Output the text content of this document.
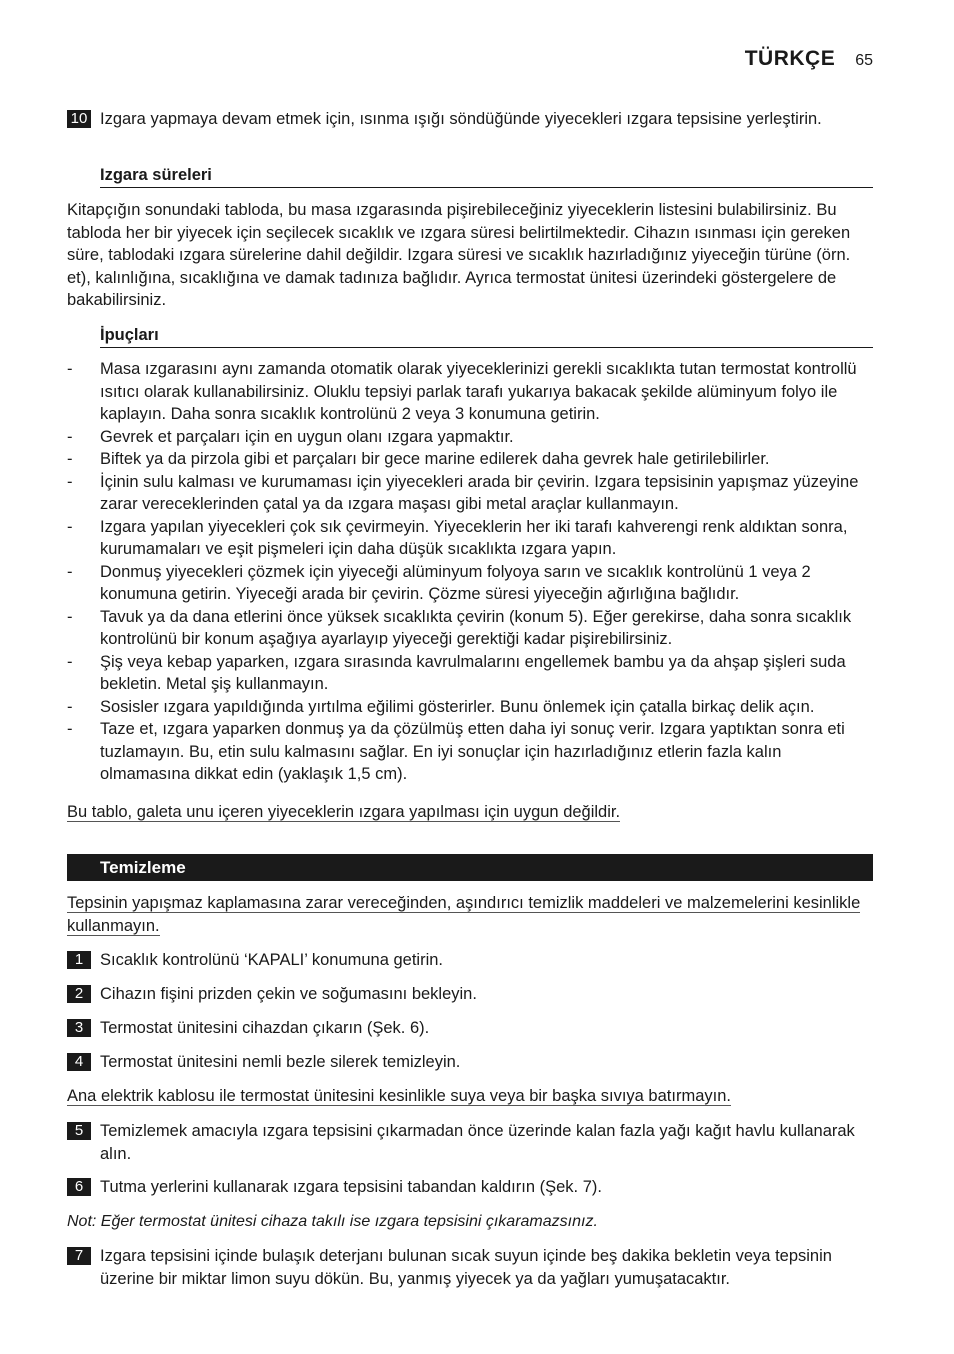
TÜRKÇE 65
10 Izgara yapmaya devam etmek için, ısınma ışığı söndüğünde yiyecekleri ızgara tepsisine yerleştirin.
Izgara süreleri
Kitapçığın sonundaki tabloda, bu masa ızgarasında pişirebileceğiniz yiyeceklerin listesini bulabilirsiniz. Bu tabloda her bir yiyecek için seçilecek sıcaklık ve ızgara süresi belirtilmektedir. Cihazın ısınması için gereken süre, tablodaki ızgara sürelerine dahil değildir. Izgara süresi ve sıcaklık hazırladığınız yiyeceğin türüne (örn. et), kalınlığına, sıcaklığına ve damak tadınıza bağlıdır. Ayrıca termostat ünitesi üzerindeki göstergelere de bakabilirsiniz.
İpuçları
- Masa ızgarasını aynı zamanda otomatik olarak yiyeceklerinizi gerekli sıcaklıkta tutan termostat kontrollü ısıtıcı olarak kullanabilirsiniz. Oluklu tepsiyi parlak tarafı yukarıya bakacak şekilde alüminyum folyo ile kaplayın. Daha sonra sıcaklık kontrolünü 2 veya 3 konumuna getirin.
- Gevrek et parçaları için en uygun olanı ızgara yapmaktır.
- Biftek ya da pirzola gibi et parçaları bir gece marine edilerek daha gevrek hale getirilebilirler.
- İçinin sulu kalması ve kurumaması için yiyecekleri arada bir çevirin. Izgara tepsisinin yapışmaz yüzeyine zarar vereceklerinden çatal ya da ızgara maşası gibi metal araçlar kullanmayın.
- Izgara yapılan yiyecekleri çok sık çevirmeyin. Yiyeceklerin her iki tarafı kahverengi renk aldıktan sonra, kurumamaları ve eşit pişmeleri için daha düşük sıcaklıkta ızgara yapın.
- Donmuş yiyecekleri çözmek için yiyeceği alüminyum folyoya sarın ve sıcaklık kontrolünü 1 veya 2 konumuna getirin. Yiyeceği arada bir çevirin. Çözme süresi yiyeceğin ağırlığına bağlıdır.
- Tavuk ya da dana etlerini önce yüksek sıcaklıkta çevirin (konum 5). Eğer gerekirse, daha sonra sıcaklık kontrolünü bir konum aşağıya ayarlayıp yiyeceği gerektiği kadar pişirebilirsiniz.
- Şiş veya kebap yaparken, ızgara sırasında kavrulmalarını engellemek bambu ya da ahşap şişleri suda bekletin. Metal şiş kullanmayın.
- Sosisler ızgara yapıldığında yırtılma eğilimi gösterirler. Bunu önlemek için çatalla birkaç delik açın.
- Taze et, ızgara yaparken donmuş ya da çözülmüş etten daha iyi sonuç verir. Izgara yaptıktan sonra eti tuzlamayın. Bu, etin sulu kalmasını sağlar. En iyi sonuçlar için hazırladığınız etlerin fazla kalın olmamasına dikkat edin (yaklaşık 1,5 cm).
Bu tablo, galeta unu içeren yiyeceklerin ızgara yapılması için uygun değildir.
Temizleme
Tepsinin yapışmaz kaplamasına zarar vereceğinden, aşındırıcı temizlik maddeleri ve malzemelerini kesinlikle kullanmayın.
1	Sıcaklık kontrolünü ‘KAPALI’ konumuna getirin.
2	Cihazın fişini prizden çekin ve soğumasını bekleyin.
3	Termostat ünitesini cihazdan çıkarın (Şek. 6).
4	Termostat ünitesini nemli bezle silerek temizleyin.
Ana elektrik kablosu ile termostat ünitesini kesinlikle suya veya bir başka sıvıya batırmayın.
5	Temizlemek amacıyla ızgara tepsisini çıkarmadan önce üzerinde kalan fazla yağı kağıt havlu kullanarak alın.
6	Tutma yerlerini kullanarak ızgara tepsisini tabandan kaldırın (Şek. 7).
Not: Eğer termostat ünitesi cihaza takılı ise ızgara tepsisini çıkaramazsınız.
7	Izgara tepsisini içinde bulaşık deterjanı bulunan sıcak suyun içinde beş dakika bekletin veya tepsinin üzerine bir miktar limon suyu dökün. Bu, yanmış yiyecek ya da yağları yumuşatacaktır.
